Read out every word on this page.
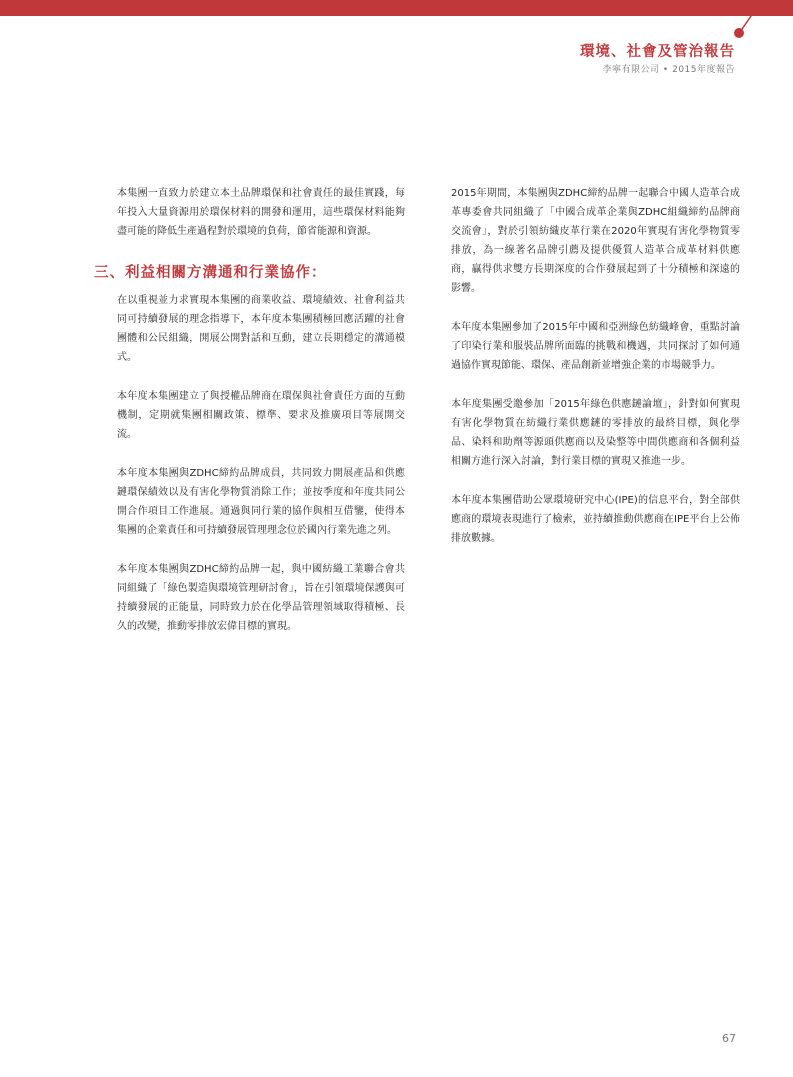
環境、社會及管治報告
李寧有限公司 • 2015年度報告

本集團一直致力於建立本土品牌環保和社會責任的最佳實踐，每年投入大量資源用於環保材料的開發和運用，這些環保材料能夠盡可能的降低生產過程對於環境的負荷，節省能源和資源。

三、利益相關方溝通和行業協作：

在以重視並力求實現本集團的商業收益、環境績效、社會利益共同可持續發展的理念指導下，本年度本集團積極回應活躍的社會團體和公民組織，開展公開對話和互動，建立長期穩定的溝通模式。

本年度本集團建立了與授權品牌商在環保與社會責任方面的互動機制，定期就集團相關政策、標準、要求及推廣項目等展開交流。

本年度本集團與ZDHC締約品牌成員，共同致力開展產品和供應鏈環保績效以及有害化學物質消除工作；並按季度和年度共同公開合作項目工作進展。通過與同行業的協作與相互借鑒，使得本集團的企業責任和可持續發展管理理念位於國內行業先進之列。

本年度本集團與ZDHC締約品牌一起，與中國紡織工業聯合會共同組織了「綠色製造與環境管理研討會」，旨在引領環境保護與可持續發展的正能量，同時致力於在化學品管理領域取得積極、長久的改變，推動零排放宏偉目標的實現。

2015年期間，本集團與ZDHC締約品牌一起聯合中國人造革合成革專委會共同組織了「中國合成革企業與ZDHC組織締約品牌商交流會」，對於引領紡織皮革行業在2020年實現有害化學物質零排放，為一線著名品牌引薦及提供優質人造革合成革材料供應商，贏得供求雙方長期深度的合作發展起到了十分積極和深遠的影響。

本年度本集團參加了2015年中國和亞洲綠色紡織峰會，重點討論了印染行業和服裝品牌所面臨的挑戰和機遇，共同探討了如何通過協作實現節能、環保、產品創新並增強企業的市場競爭力。

本年度集團受邀參加「2015年綠色供應鏈論壇」，針對如何實現有害化學物質在紡織行業供應鏈的零排放的最終目標，與化學品、染料和助劑等源頭供應商以及染整等中間供應商和各個利益相關方進行深入討論，對行業目標的實現又推進一步。

本年度本集團借助公眾環境研究中心(IPE)的信息平台，對全部供應商的環境表現進行了檢索，並持續推動供應商在IPE平台上公佈排放數據。

67
